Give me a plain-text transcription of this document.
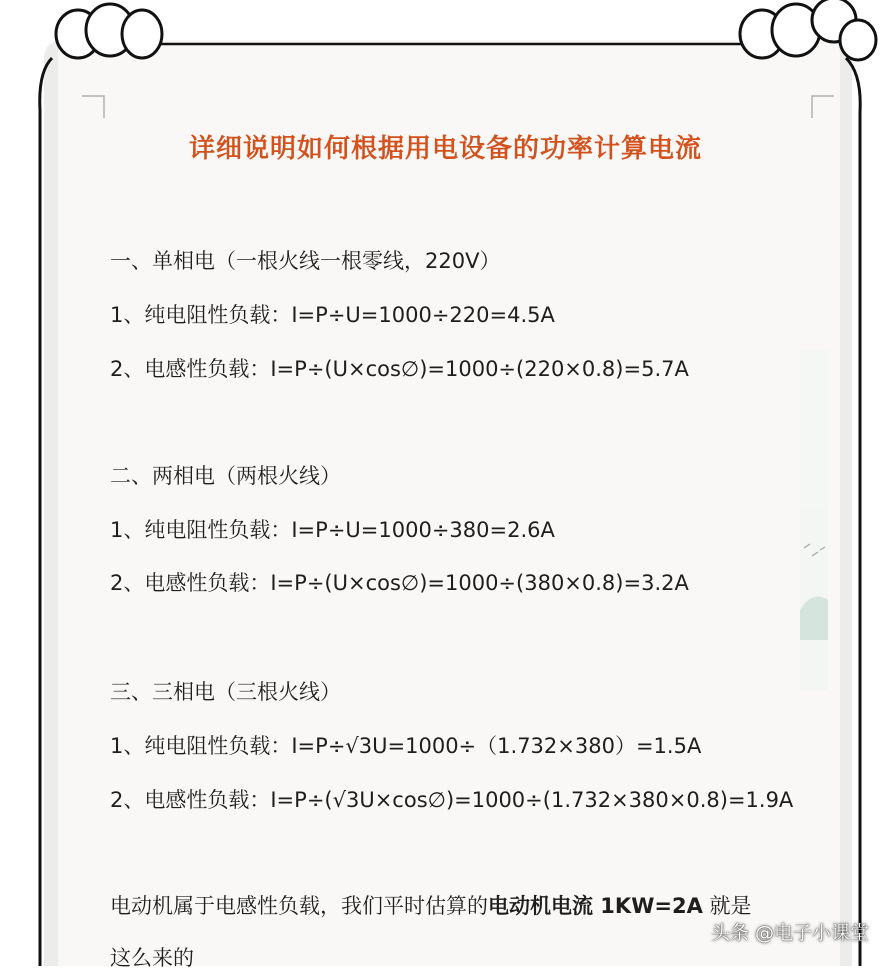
详细说明如何根据用电设备的功率计算电流
一、单相电（一根火线一根零线，220V）
1、纯电阻性负载：I=P÷U=1000÷220=4.5A
2、电感性负载：I=P÷(U×cos∅)=1000÷(220×0.8)=5.7A
二、两相电（两根火线）
1、纯电阻性负载：I=P÷U=1000÷380=2.6A
2、电感性负载：I=P÷(U×cos∅)=1000÷(380×0.8)=3.2A
三、三相电（三根火线）
1、纯电阻性负载：I=P÷√3U=1000÷（1.732×380）=1.5A
2、电感性负载：I=P÷(√3U×cos∅)=1000÷(1.732×380×0.8)=1.9A
电动机属于电感性负载，我们平时估算的电动机电流 1KW=2A 就是
这么来的
头条 @电子小课堂
